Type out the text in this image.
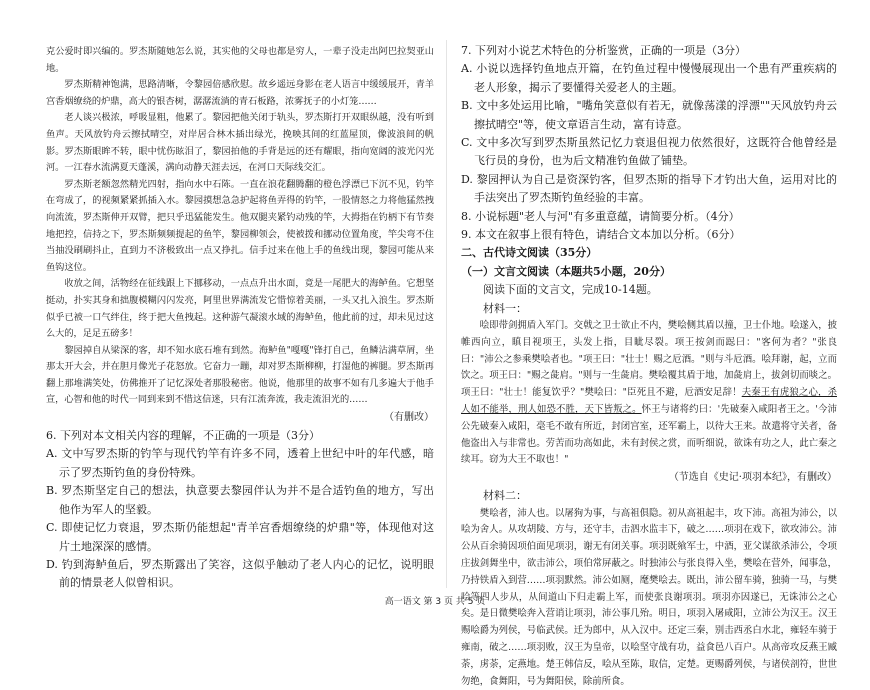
克公爱时即兴编的。罗杰斯随她怎么说，其实他的父母也都是穷人，一辈子没走出阿巴拉契亚山地。

罗杰斯精神饱满，思路清晰，令黎园倍感欣慰。故乡遥远身影在老人语言中缓缓展开，青羊宫香烟缭绕的炉鼎，高大的银杏树，潺潺流淌的青石板路，浓雾抚子的小灯笼……

老人谈兴极浓，呼吸显粗，他累了。黎园把他关闭于轨头，罗杰斯打开双眼纵越，没有听到鱼声。天风放钓舟云擦拭晴空，对岸居合林木插出绿光，挽映其间的红蓝屋顶，像波浪间的帆影。罗杰斯眼眸不转，眼中忧伤眩泪了，黎园拍他的手背是远的还有耀眼，指向宽阔的波光闪光河。一江春水流满夏天蓬溪，满向动静天涯去远，在河口天际线交汇。

罗杰斯老额忽然精光四射，指向水中石陈。一直在浪花翻腾翻的橙色浮漂已下沉不见，钓竿在弯成了，的视频紧紧抓插入水。黎园摸想急急护起将鱼弄得的钓竿，一股情怒之力将他猛然拽向流流，罗杰斯伸开双臂，把只乎迅猛能发生。他双腿夹紧钓动残的竿，大拇指在钓柄下有节奏地把控，信持之下，罗杰斯频频提起的鱼竿，黎园柳领会，使被拨和挪动位置角度，竿尖弯不住当抽没刷刷抖止，直到力不济极致出一点又挣扎。信手过来在他上手的鱼线出现，黎园可能从来鱼钩这位。

收放之间，活物经在征线跟上下挪移动，一点点升出水面，竟是一尾肥大的海鲈鱼。它想坚挺动，扑实其身和拙腹模糊闪闪发亮，阿里世界满流发它惜惊着美丽，一头又扎入浪生。罗杰斯似乎已被一口气绊住，终于把大鱼拽起。这种游气凝滚水域的海鲈鱼，他此前的过，却未见过这么大的，足足五磅多！

黎园掉自从梁深的客，却不知水底石堆有到然。海鲈鱼"嘎嘎"锋打自己，鱼鳞沾满草屑，坐那太开大会，并在胆月像光子花怒放。它奋力一蹦，却对罗杰斯柳柳，打湿他的裤腿。罗杰斯再翻上那堆满笑处，仿佛推开了记忆深处者那股秘密。他说，他那里的故事不如有几多遍大于他手宣，心智和他的时代一同到来到不惜这信迷，只有江流奔流，我走流泪光的……

（有删改）

6. 下列对本文相关内容的理解，不正确的一项是（3分）

A. 文中写罗杰斯的钓竿与现代钓竿有许多不同，透着上世纪中叶的年代感，暗示了罗杰斯钓鱼的身份特殊。

B. 罗杰斯坚定自己的想法，执意要去黎园伴认为并不是合适钓鱼的地方，写出他作为军人的坚毅。

C. 即使记忆力衰退，罗杰斯仍能想起"青羊宫香烟缭绕的炉鼎"等，体现他对这片土地深深的感情。

D. 钓到海鲈鱼后，罗杰斯露出了笑容，这似乎触动了老人内心的记忆，说明眼前的情景老人似曾相识。

7. 下列对小说艺术特色的分析鉴赏，正确的一项是（3分）

A. 小说以选择钓鱼地点开篇，在钓鱼过程中慢慢展现出一个患有严重疾病的老人形象，揭示了要懂得关爱老人的主题。

B. 文中多处运用比喻，"嘴角笑意似有若无，就像荡漾的浮漂""天风放钓舟云擦拭晴空"等，使文章语言生动，富有诗意。

C. 文中多次写到罗杰斯虽然记忆力衰退但视力依然很好，这既符合他曾经是飞行员的身份，也为后文精准钓鱼做了铺垫。

D. 黎园押认为自己是资深钓客，但罗杰斯的指导下才钓出大鱼，运用对比的手法突出了罗杰斯钓鱼经验的丰富。

8. 小说标题"老人与河"有多重意蕴，请简要分析。（4分）

9. 本文在叙事上很有特色，请结合文本加以分析。（6分）

二、古代诗文阅读（35分）

（一）文言文阅读（本题共5小题，20分）

阅读下面的文言文，完成10-14题。

材料一：

哙即带剑拥盾入军门。交戟之卫士欲止不内，樊哙侧其盾以撞，卫士仆地。哙遂入，披帷西向立，瞋目视项王，头发上指，目眦尽裂。项王按剑而跽曰："客何为者？"张良曰："沛公之参乘樊哙者也。"项王曰："壮士！赐之卮酒。"则与斗卮酒。哙拜谢，起，立而饮之。项王曰："赐之彘肩。"则与一生彘肩。樊哙覆其盾于地，加彘肩上，拔剑切而啖之。项王曰："壮士！能复饮乎？"樊哙曰："臣死且不避，卮酒安足辞！夫秦王有虎狼之心，杀人如不能举，刑人如恐不胜，天下皆叛之。怀王与诸将约曰：'先破秦入咸阳者王之。'今沛公先破秦入咸阳，毫毛不敢有所近，封闭宫室，还军霸上，以待大王来。故遣将守关者，备他盗出入与非常也。劳苦而功高如此，未有封侯之赏，而听细说，欲诛有功之人，此亡秦之续耳。窃为大王不取也！"

（节选自《史记·项羽本纪》，有删改）

材料二：

樊哙者，沛人也。以屠狗为事，与高祖俱隐。初从高祖起丰，攻下沛。高祖为沛公，以哙为舍人。从攻胡陵、方与，还守丰，击泗水监丰下，破之……项羽在戏下，欲攻沛公。沛公从百余骑因项伯面见项羽，谢无有闭关事。项羽既飨军士，中酒，亚父谋欲杀沛公，令项庄拔剑舞坐中，欲击沛公，项伯常屏蔽之。时独沛公与张良得入坐，樊哙在营外，闻事急，乃持铁盾入到营……项羽默然。沛公如厕，麾樊哙去。既出，沛公留车骑，独骑一马，与樊哙等四人步从，从间道山下归走霸上军，而使张良谢项羽。项羽亦因遂已，无诛沛公之心矣。是日微樊哙奔入营诮让项羽，沛公事几殆。明日，项羽入屠咸阳，立沛公为汉王。汉王赐哙爵为列侯，号临武侯。迁为郎中，从入汉中。还定三秦，别击西丞白水北，雍轻车骑于雍南，破之……项羽败，汉王为皇帝，以哙坚守战有功，益食邑八百户。从高帝攻反燕王臧荼，虏荼，定燕地。楚王韩信反，哙从至陈，取信，定楚。更赐爵列侯，与诸侯剖符，世世勿绝，食舞阳，号为舞阳侯，除前所食。

高一语文 第 3 页 共 5 页
